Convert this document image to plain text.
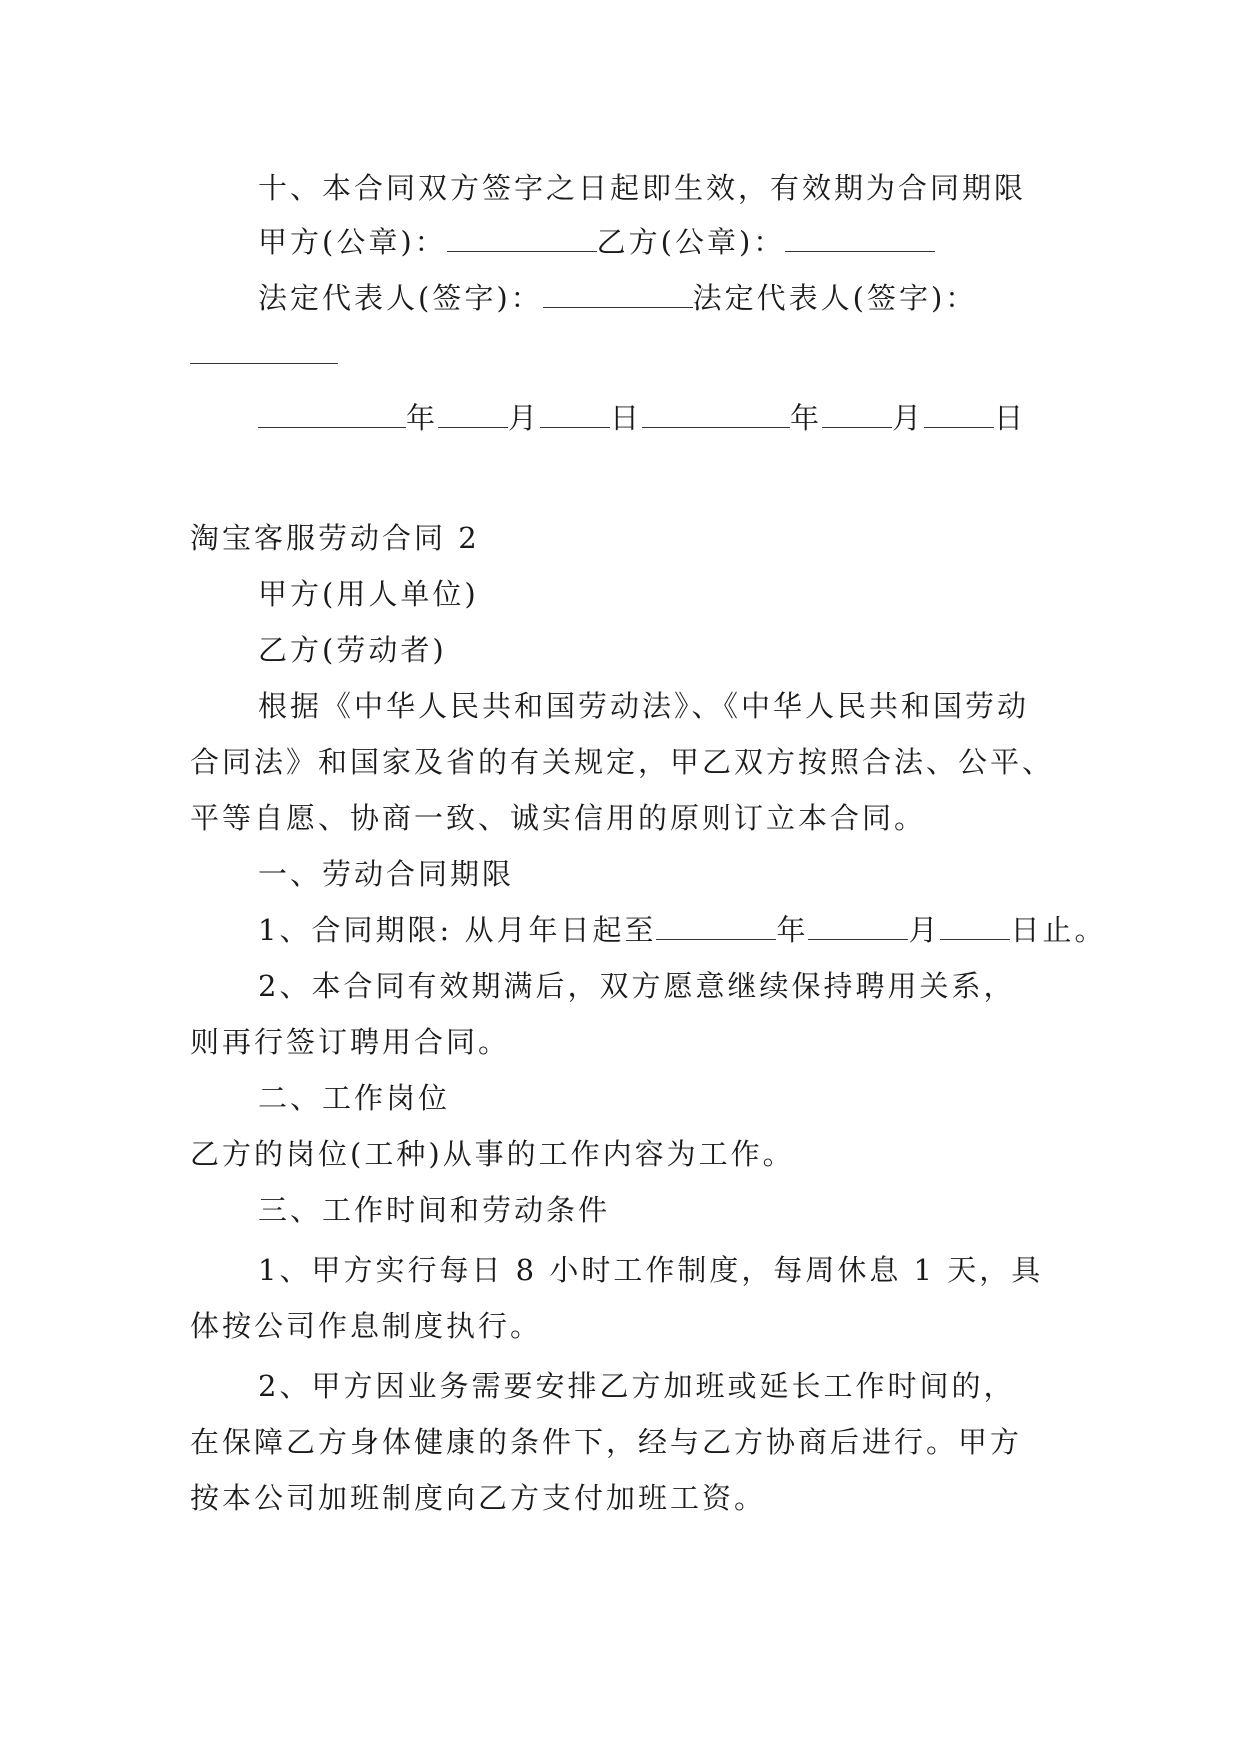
十、本合同双方签字之日起即生效，有效期为合同期限
甲方(公章)：	乙方(公章)：
法定代表人(签字)：	法定代表人(签字)：
年 月 日	年 月 日
淘宝客服劳动合同 2
甲方(用人单位)
乙方(劳动者)
根据《中华人民共和国劳动法》、《中华人民共和国劳动
合同法》和国家及省的有关规定，甲乙双方按照合法、公平、
平等自愿、协商一致、诚实信用的原则订立本合同。
一、劳动合同期限
1、合同期限: 从月年日起至	年	月 日止。
2、本合同有效期满后，双方愿意继续保持聘用关系，
则再行签订聘用合同。
二、工作岗位
乙方的岗位(工种)从事的工作内容为工作。
三、工作时间和劳动条件
1、甲方实行每日 8 小时工作制度，每周休息 1 天，具
体按公司作息制度执行。
2、甲方因业务需要安排乙方加班或延长工作时间的，
在保障乙方身体健康的条件下，经与乙方协商后进行。甲方
按本公司加班制度向乙方支付加班工资。
